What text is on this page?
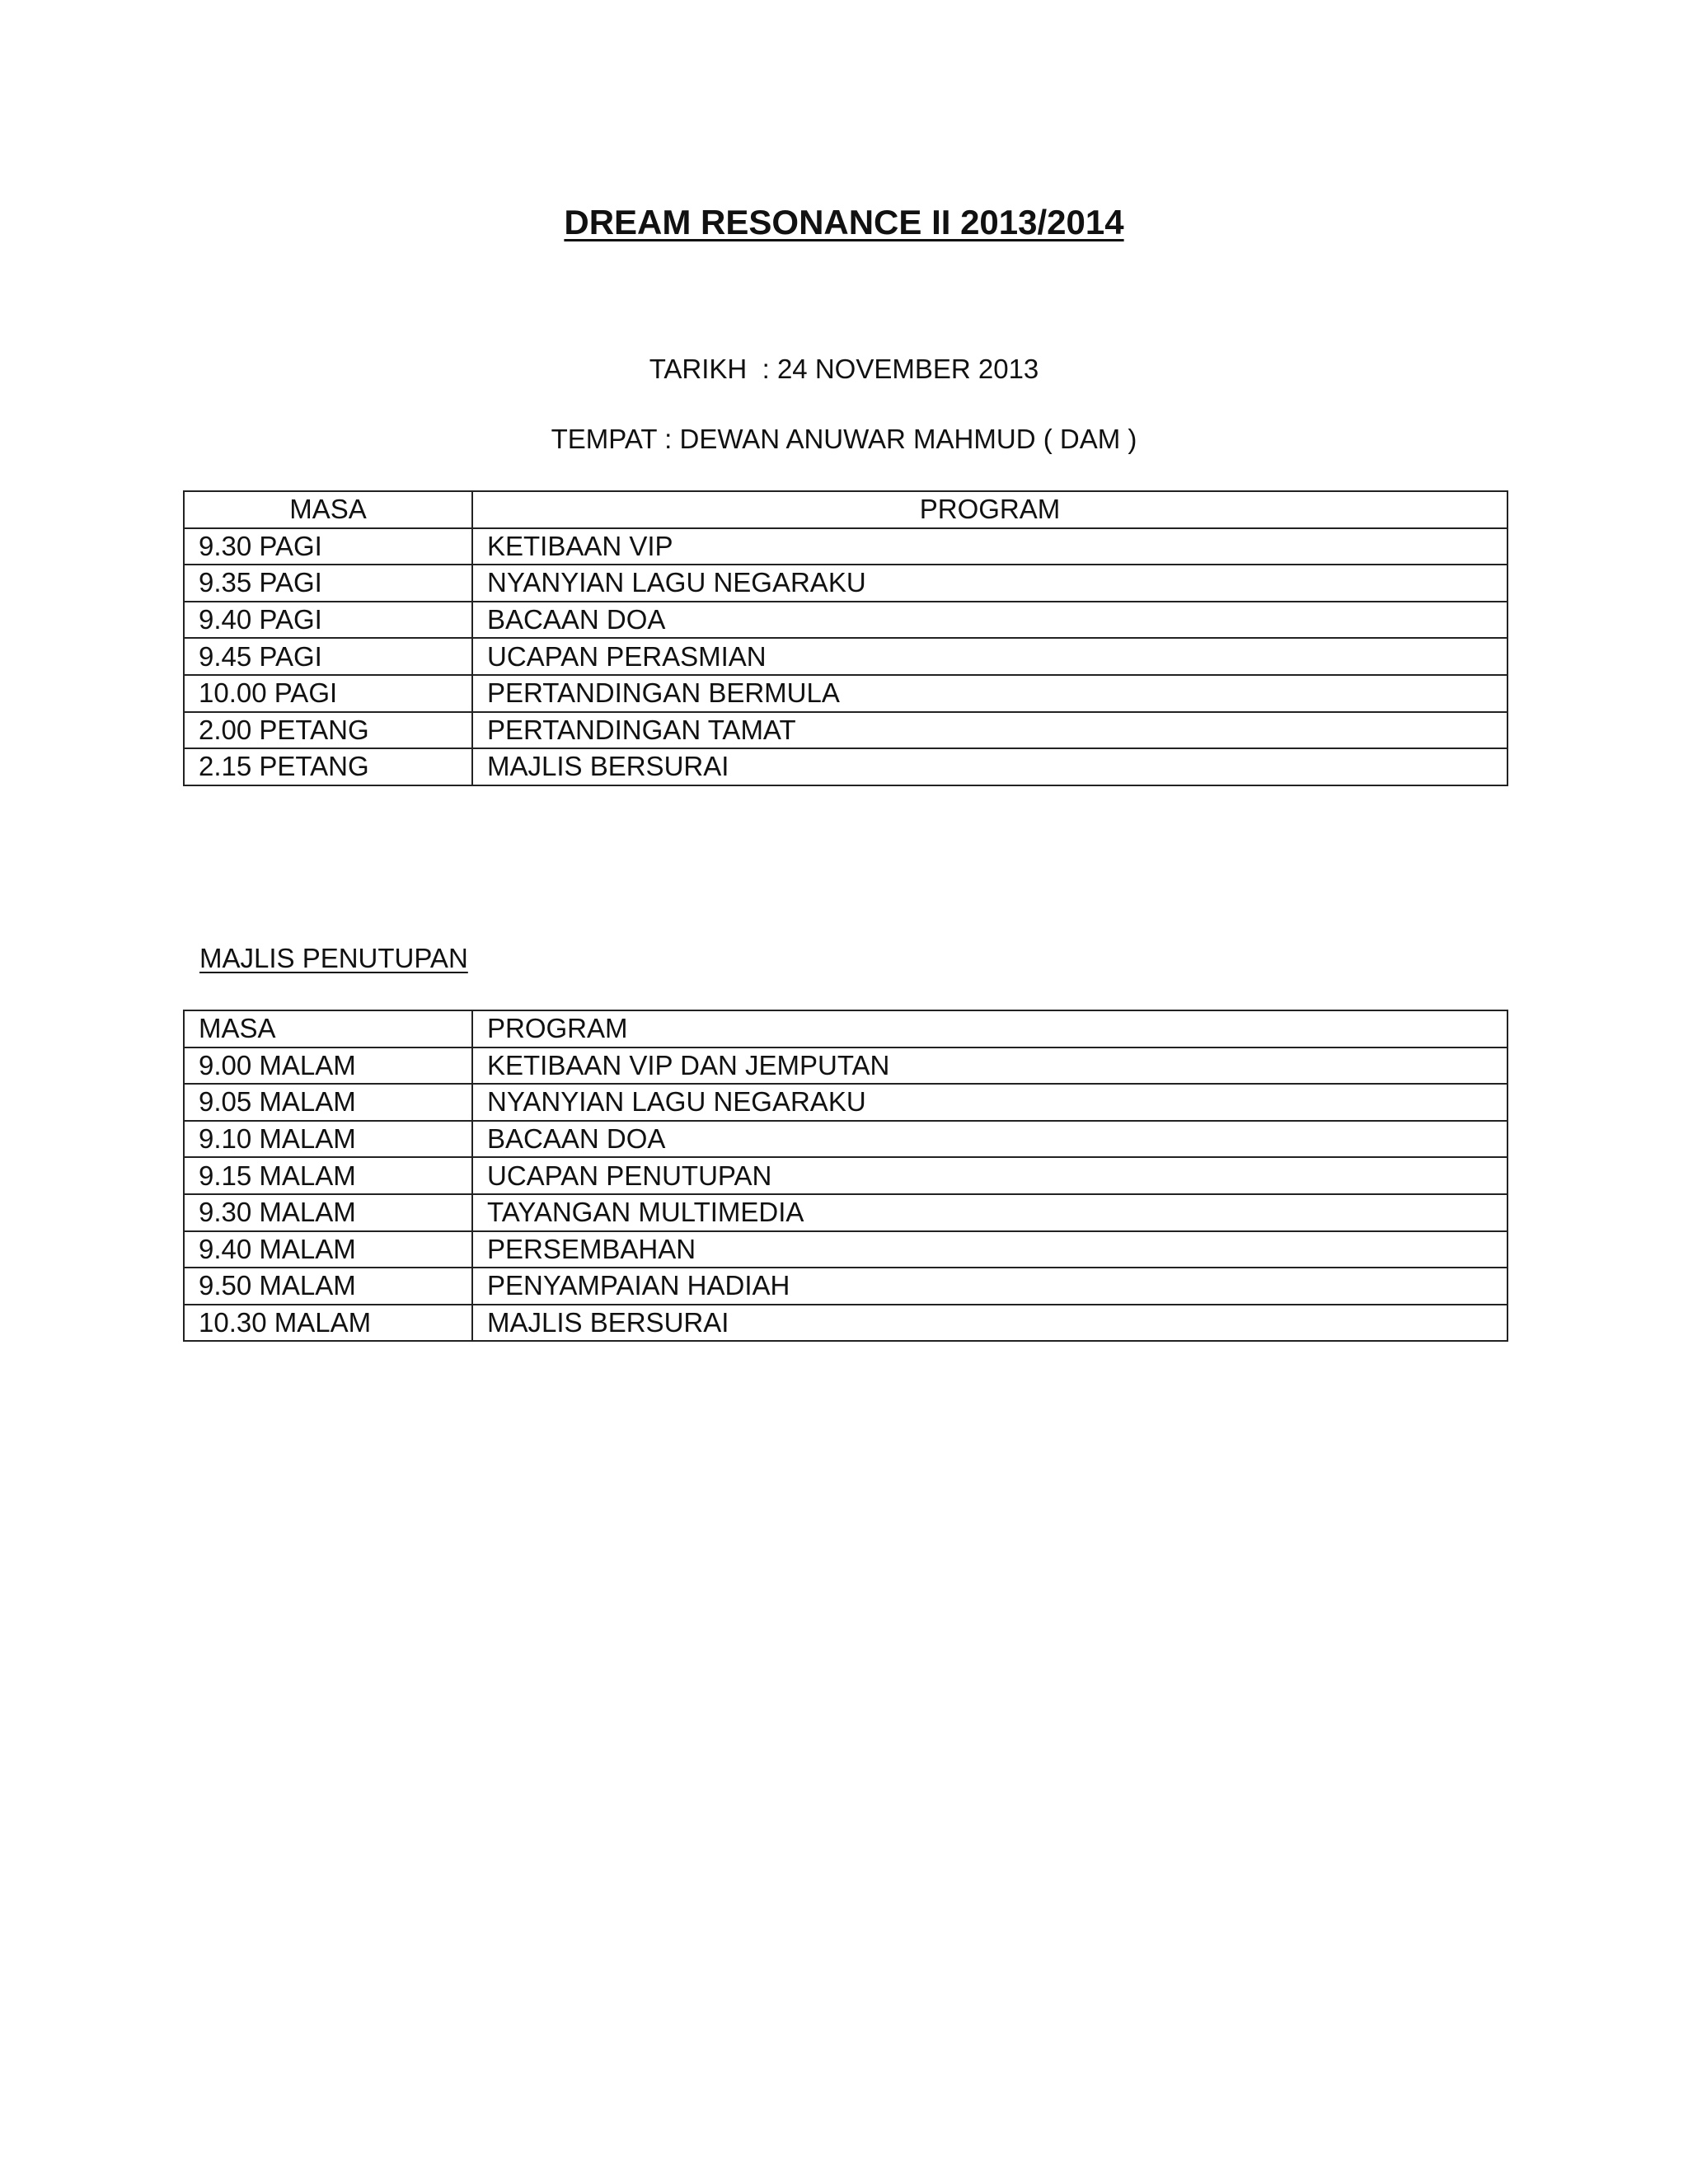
DREAM RESONANCE II 2013/2014
TARIKH  : 24 NOVEMBER 2013
TEMPAT : DEWAN ANUWAR MAHMUD ( DAM )
MASA	PROGRAM
9.30 PAGI	KETIBAAN VIP
9.35 PAGI	NYANYIAN LAGU NEGARAKU
9.40 PAGI	BACAAN DOA
9.45 PAGI	UCAPAN PERASMIAN
10.00 PAGI	PERTANDINGAN BERMULA
2.00 PETANG	PERTANDINGAN TAMAT
2.15 PETANG	MAJLIS BERSURAI
MAJLIS PENUTUPAN
MASA	PROGRAM
9.00 MALAM	KETIBAAN VIP DAN JEMPUTAN
9.05 MALAM	NYANYIAN LAGU NEGARAKU
9.10 MALAM	BACAAN DOA
9.15 MALAM	UCAPAN PENUTUPAN
9.30 MALAM	TAYANGAN MULTIMEDIA
9.40 MALAM	PERSEMBAHAN
9.50 MALAM	PENYAMPAIAN HADIAH
10.30 MALAM	MAJLIS BERSURAI
